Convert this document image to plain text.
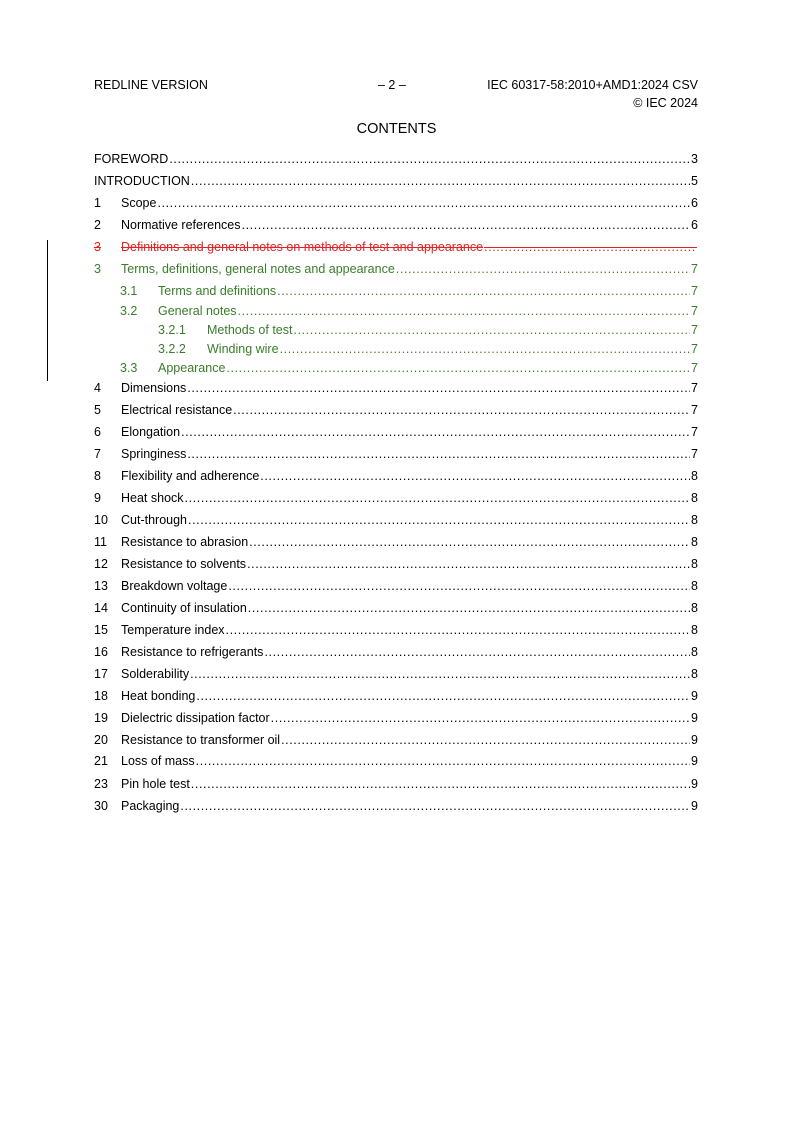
REDLINE VERSION	– 2 –	IEC 60317-58:2010+AMD1:2024 CSV
© IEC 2024
CONTENTS
FOREWORD .....	3
INTRODUCTION .....	5
1	Scope .....	6
2	Normative references .....	6
3	Definitions and general notes on methods of test and appearance
.....
3	Terms, definitions, general notes and appearance .....	7
3.1	Terms and definitions .....	7
3.2	General notes .....	7
3.2.1	Methods of test .....	7
3.2.2	Winding wire .....	7
3.3	Appearance .....	7
4	Dimensions .....	7
5	Electrical resistance .....	7
6	Elongation .....	7
7	Springiness .....	7
8	Flexibility and adherence .....	8
9	Heat shock .....	8
10	Cut-through .....	8
11	Resistance to abrasion .....	8
12	Resistance to solvents .....	8
13	Breakdown voltage .....	8
14	Continuity of insulation .....	8
15	Temperature index .....	8
16	Resistance to refrigerants .....	8
17	Solderability .....	8
18	Heat bonding .....	9
19	Dielectric dissipation factor .....	9
20	Resistance to transformer oil .....	9
21	Loss of mass .....	9
23	Pin hole test .....	9
30	Packaging .....	9
